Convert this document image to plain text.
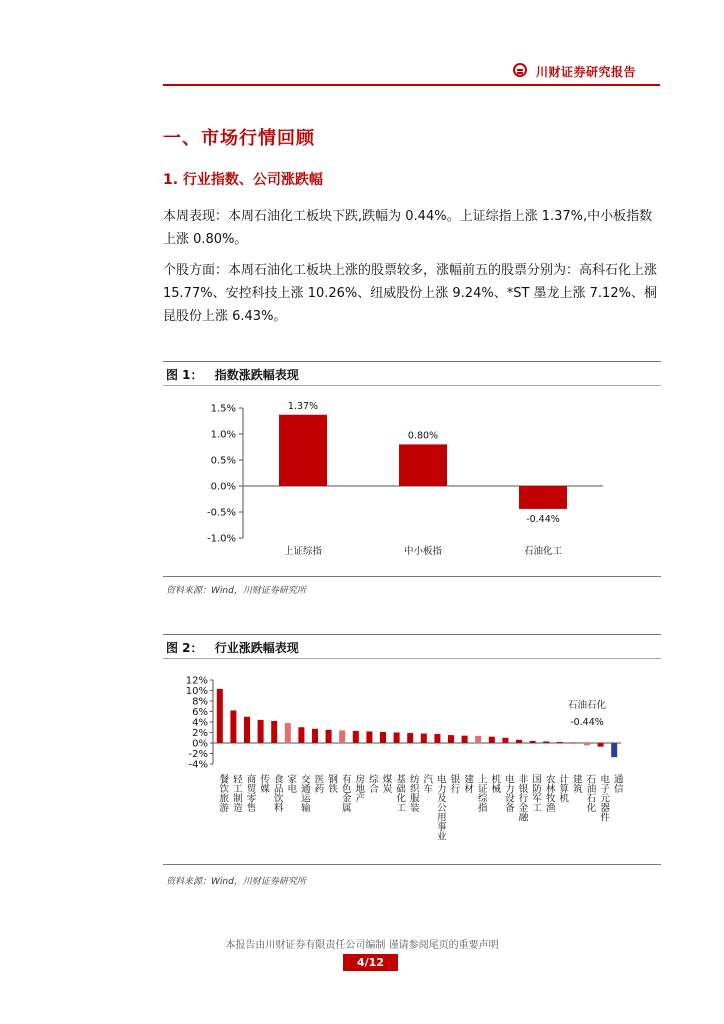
川财证券研究报告
一、市场行情回顾
1. 行业指数、公司涨跌幅
本周表现：本周石油化工板块下跌,跌幅为 0.44%。上证综指上涨 1.37%,中小板指数上涨 0.80%。
个股方面：本周石油化工板块上涨的股票较多，涨幅前五的股票分别为：高科石化上涨 15.77%、安控科技上涨 10.26%、纽威股份上涨 9.24%、*ST 墨龙上涨 7.12%、桐昆股份上涨 6.43%。
图 1： 指数涨跌幅表现
-1.0%
-0.5%
0.0%
0.5%
1.0%
1.5%	1.37%
上证综指
0.80%
中小板指
-0.44%
石油化工
资料来源：Wind，川财证券研究所
图 2： 行业涨跌幅表现
-4%
-2%
0%
2%
4%
6%
8%
10%
12%
餐饮旅游 轻工制造 商贸零售 传媒 食品饮料 家电 交通运输 医药 钢铁 有色金属 房地产 综合 煤炭 基础化工 纺织服装 汽车 电力及公用事业 银行 建材 上证综指 机械 电力设备 非银行金融 国防军工 农林牧渔 计算机 建筑 石油石化 电子元器件 通信
石油石化
-0.44%
资料来源：Wind，川财证券研究所
本报告由川财证券有限责任公司编制 谨请参阅尾页的重要声明
4/12
